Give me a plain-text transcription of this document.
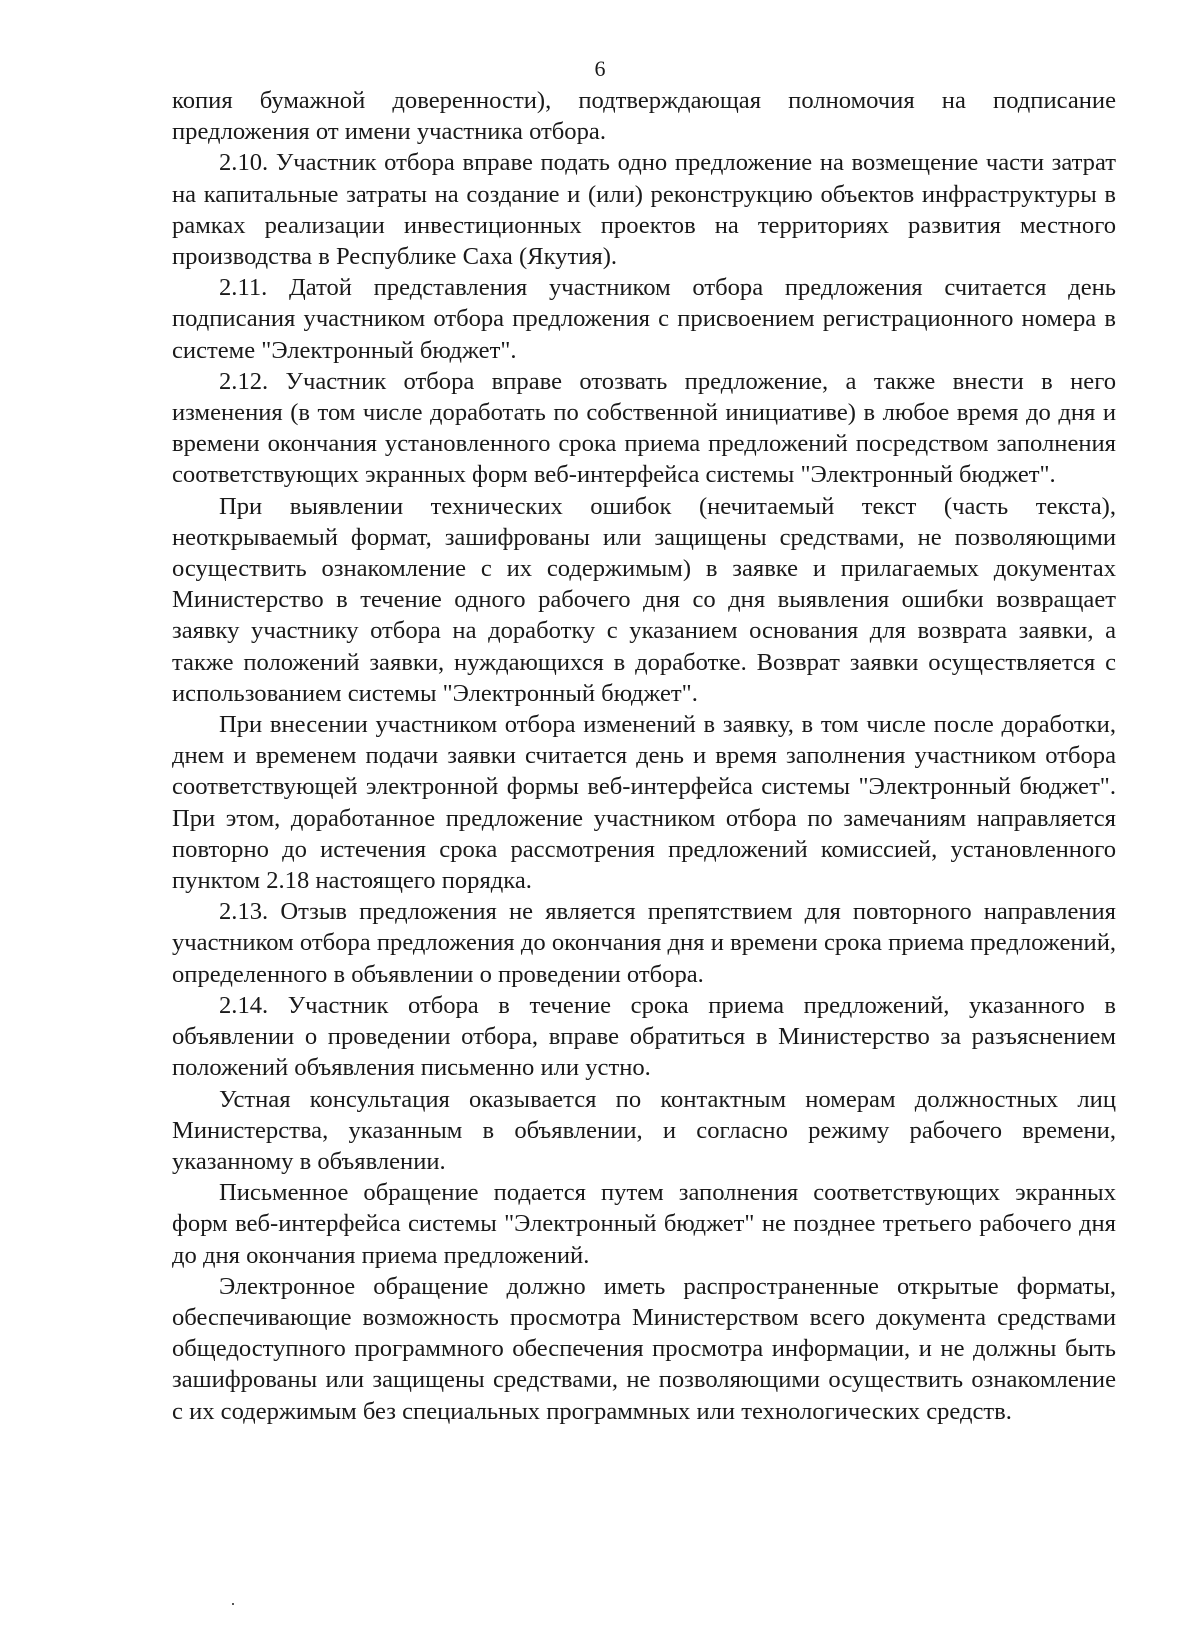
6

копия бумажной доверенности), подтверждающая полномочия на подписание предложения от имени участника отбора.

2.10. Участник отбора вправе подать одно предложение на возмещение части затрат на капитальные затраты на создание и (или) реконструкцию объектов инфраструктуры в рамках реализации инвестиционных проектов на территориях развития местного производства в Республике Саха (Якутия).

2.11. Датой представления участником отбора предложения считается день подписания участником отбора предложения с присвоением регистрационного номера в системе "Электронный бюджет".

2.12. Участник отбора вправе отозвать предложение, а также внести в него изменения (в том числе доработать по собственной инициативе) в любое время до дня и времени окончания установленного срока приема предложений посредством заполнения соответствующих экранных форм веб-интерфейса системы "Электронный бюджет".

При выявлении технических ошибок (нечитаемый текст (часть текста), неоткрываемый формат, зашифрованы или защищены средствами, не позволяющими осуществить ознакомление с их содержимым) в заявке и прилагаемых документах Министерство в течение одного рабочего дня со дня выявления ошибки возвращает заявку участнику отбора на доработку с указанием основания для возврата заявки, а также положений заявки, нуждающихся в доработке. Возврат заявки осуществляется с использованием системы "Электронный бюджет".

При внесении участником отбора изменений в заявку, в том числе после доработки, днем и временем подачи заявки считается день и время заполнения участником отбора соответствующей электронной формы веб-интерфейса системы "Электронный бюджет". При этом, доработанное предложение участником отбора по замечаниям направляется повторно до истечения срока рассмотрения предложений комиссией, установленного пунктом 2.18 настоящего порядка.

2.13. Отзыв предложения не является препятствием для повторного направления участником отбора предложения до окончания дня и времени срока приема предложений, определенного в объявлении о проведении отбора.

2.14. Участник отбора в течение срока приема предложений, указанного в объявлении о проведении отбора, вправе обратиться в Министерство за разъяснением положений объявления письменно или устно.

Устная консультация оказывается по контактным номерам должностных лиц Министерства, указанным в объявлении, и согласно режиму рабочего времени, указанному в объявлении.

Письменное обращение подается путем заполнения соответствующих экранных форм веб-интерфейса системы "Электронный бюджет" не позднее третьего рабочего дня до дня окончания приема предложений.

Электронное обращение должно иметь распространенные открытые форматы, обеспечивающие возможность просмотра Министерством всего документа средствами общедоступного программного обеспечения просмотра информации, и не должны быть зашифрованы или защищены средствами, не позволяющими осуществить ознакомление с их содержимым без специальных программных или технологических средств.
